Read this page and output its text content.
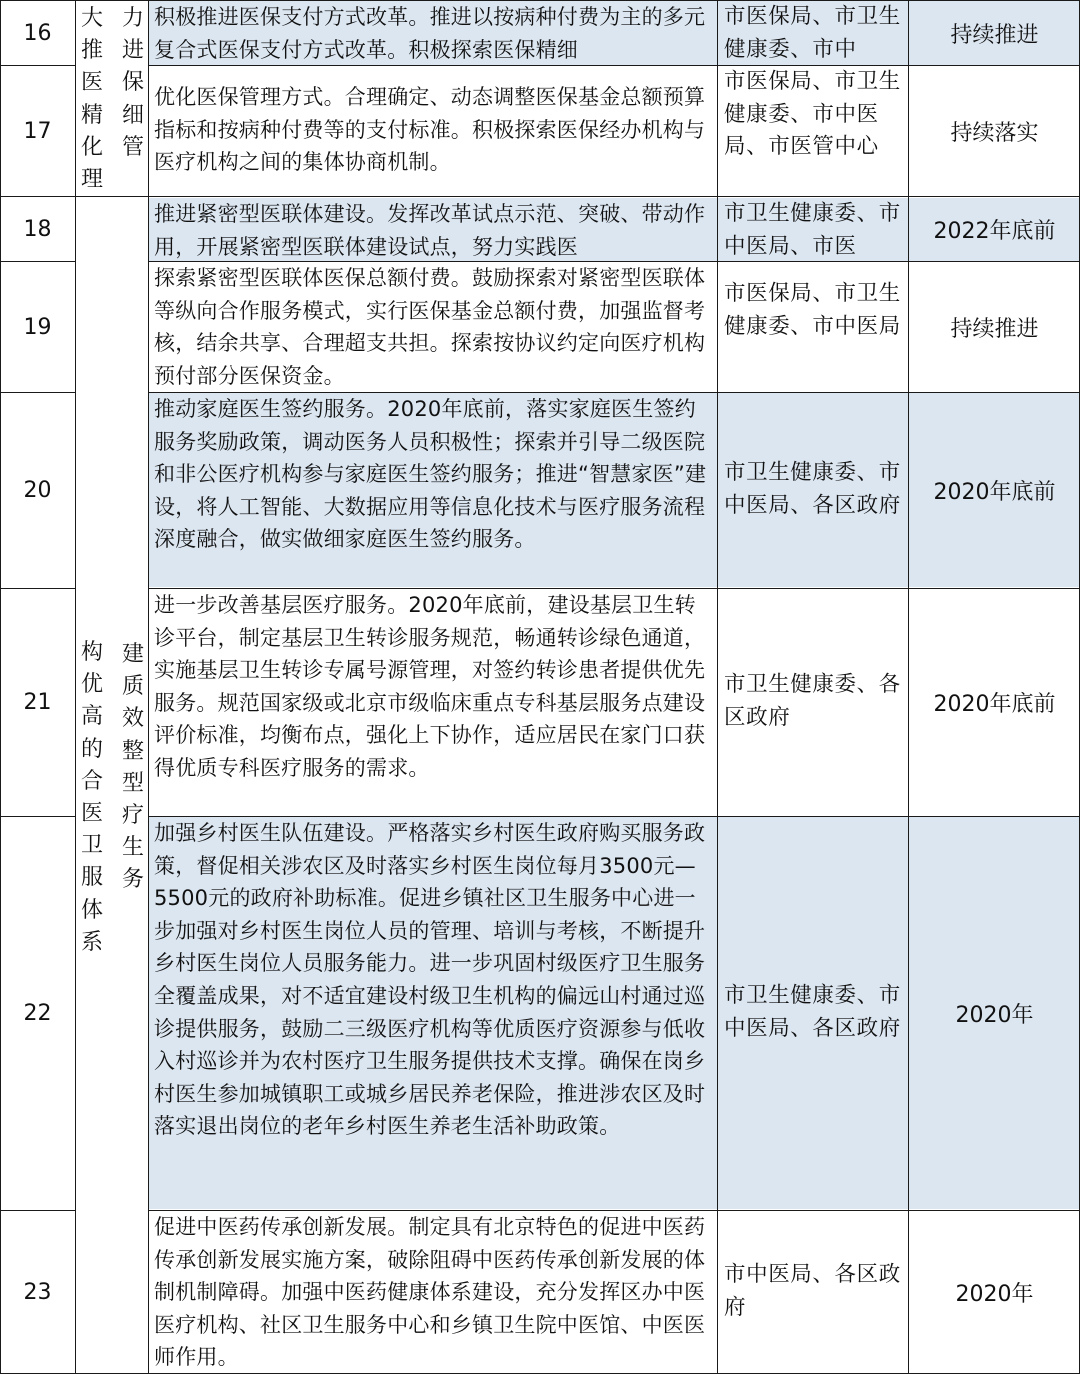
16
积极推进医保支付方式改革。推进以按病种付费为主的多元复合式医保支付方式改革。积极探索医保精细
市医保局、市卫生健康委、市中
持续推进
17
优化医保管理方式。合理确定、动态调整医保基金总额预算指标和按病种付费等的支付标准。积极探索医保经办机构与医疗机构之间的集体协商机制。
市医保局、市卫生健康委、市中医局、市医管中心
持续落实
18
推进紧密型医联体建设。发挥改革试点示范、突破、带动作用，开展紧密型医联体建设试点，努力实践医
市卫生健康委、市中医局、市医
2022年底前
19
探索紧密型医联体医保总额付费。鼓励探索对紧密型医联体等纵向合作服务模式，实行医保基金总额付费，加强监督考核，结余共享、合理超支共担。探索按协议约定向医疗机构预付部分医保资金。
市医保局、市卫生健康委、市中医局	持续推进
20
推动家庭医生签约服务。2020年底前，落实家庭医生签约服务奖励政策，调动医务人员积极性；探索并引导二级医院和非公医疗机构参与家庭医生签约服务；推进“智慧家医”建设，将人工智能、大数据应用等信息化技术与医疗服务流程深度融合，做实做细家庭医生签约服务。
市卫生健康委、市中医局、各区政府
2020年底前
21
进一步改善基层医疗服务。2020年底前，建设基层卫生转诊平台，制定基层卫生转诊服务规范，畅通转诊绿色通道，实施基层卫生转诊专属号源管理，对签约转诊患者提供优先服务。规范国家级或北京市级临床重点专科基层服务点建设评价标准，均衡布点，强化上下协作，适应居民在家门口获得优质专科医疗服务的需求。
市卫生健康委、各区政府
2020年底前
22
加强乡村医生队伍建设。严格落实乡村医生政府购买服务政策，督促相关涉农区及时落实乡村医生岗位每月3500元—5500元的政府补助标准。促进乡镇社区卫生服务中心进一步加强对乡村医生岗位人员的管理、培训与考核，不断提升乡村医生岗位人员服务能力。进一步巩固村级医疗卫生服务全覆盖成果，对不适宜建设村级卫生机构的偏远山村通过巡诊提供服务，鼓励二三级医疗机构等优质医疗资源参与低收入村巡诊并为农村医疗卫生服务提供技术支撑。确保在岗乡村医生参加城镇职工或城乡居民养老保险，推进涉农区及时落实退出岗位的老年乡村医生养老生活补助政策。
市卫生健康委、市中医局、各区政府
2020年
23
促进中医药传承创新发展。制定具有北京特色的促进中医药传承创新发展实施方案，破除阻碍中医药传承创新发展的体制机制障碍。加强中医药健康体系建设，充分发挥区办中医医疗机构、社区卫生服务中心和乡镇卫生院中医馆、中医医师作用。
市中医局、各区政府
2020年
大推医精化理
力进保细管
构优高的合医卫服体系
建质效整型疗生务
